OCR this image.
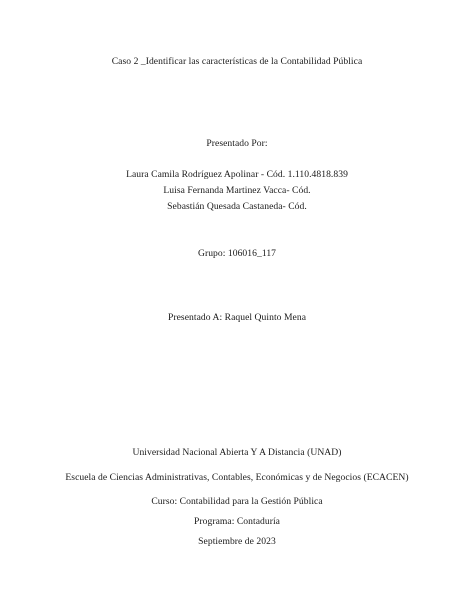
Caso 2 _Identificar las características de la Contabilidad Pública
Presentado Por:
Laura Camila Rodríguez Apolinar - Cód. 1.110.4818.839
Luisa Fernanda Martinez Vacca- Cód.
Sebastián Quesada Castaneda- Cód.
Grupo: 106016_117
Presentado A: Raquel Quinto Mena
Universidad Nacional Abierta Y A Distancia (UNAD)
Escuela de Ciencias Administrativas, Contables, Económicas y de Negocios (ECACEN)
Curso: Contabilidad para la Gestión Pública
Programa: Contaduría
Septiembre de 2023
